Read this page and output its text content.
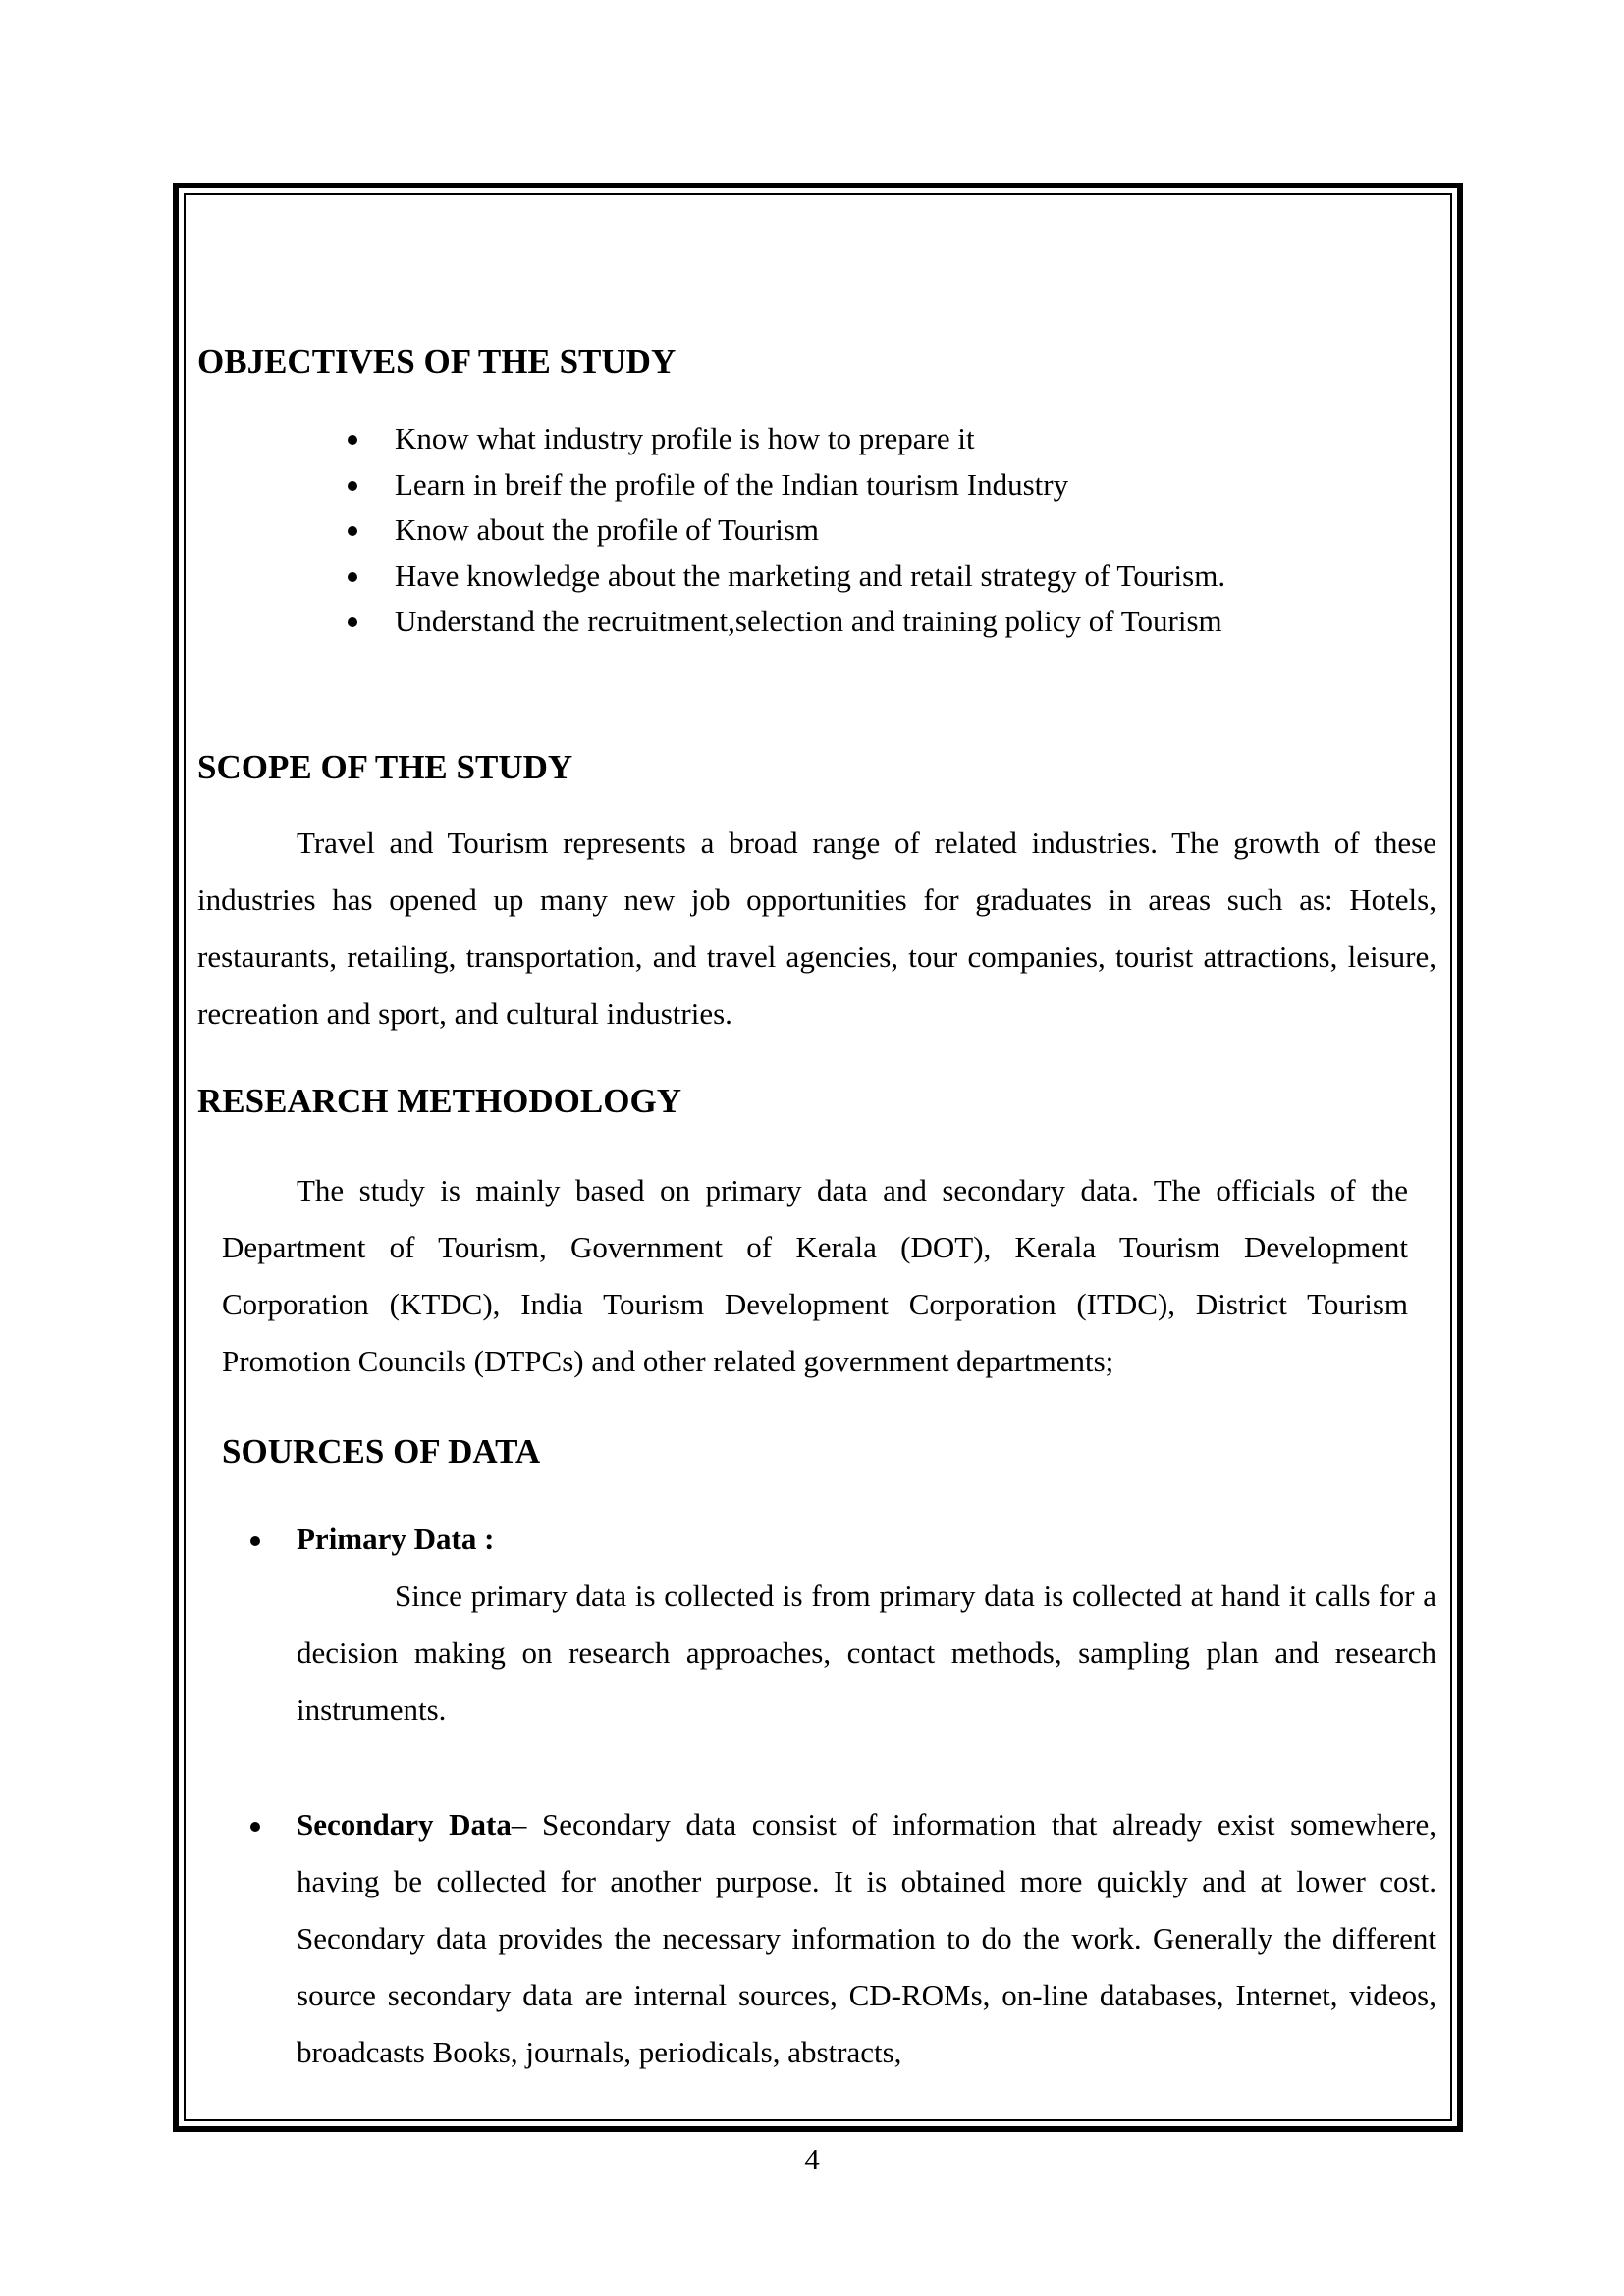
OBJECTIVES OF THE STUDY
Know what industry profile is how to prepare it
Learn in breif the profile of the Indian tourism Industry
Know about the profile of Tourism
Have knowledge about the marketing and retail strategy of Tourism.
Understand the recruitment,selection and training policy of Tourism
SCOPE OF THE STUDY

Travel and Tourism represents a broad range of related industries. The growth of these industries has opened up many new job opportunities for graduates in areas such as: Hotels, restaurants, retailing, transportation, and travel agencies, tour companies, tourist attractions, leisure, recreation and sport, and cultural industries.

RESEARCH METHODOLOGY

The study is mainly based on primary data and secondary data. The officials of the Department of Tourism, Government of Kerala (DOT), Kerala Tourism Development Corporation (KTDC), India Tourism Development Corporation (ITDC), District Tourism Promotion Councils (DTPCs) and other related government departments;

SOURCES OF DATA
Primary Data :

Since primary data is collected is from primary data is collected at hand it calls for a decision making on research approaches, contact methods, sampling plan and research instruments.

Secondary Data– Secondary data consist of information that already exist somewhere, having be collected for another purpose. It is obtained more quickly and at lower cost. Secondary data provides the necessary information to do the work. Generally the different source secondary data are internal sources, CD-ROMs, on-line databases, Internet, videos, broadcasts Books, journals, periodicals, abstracts,

4
